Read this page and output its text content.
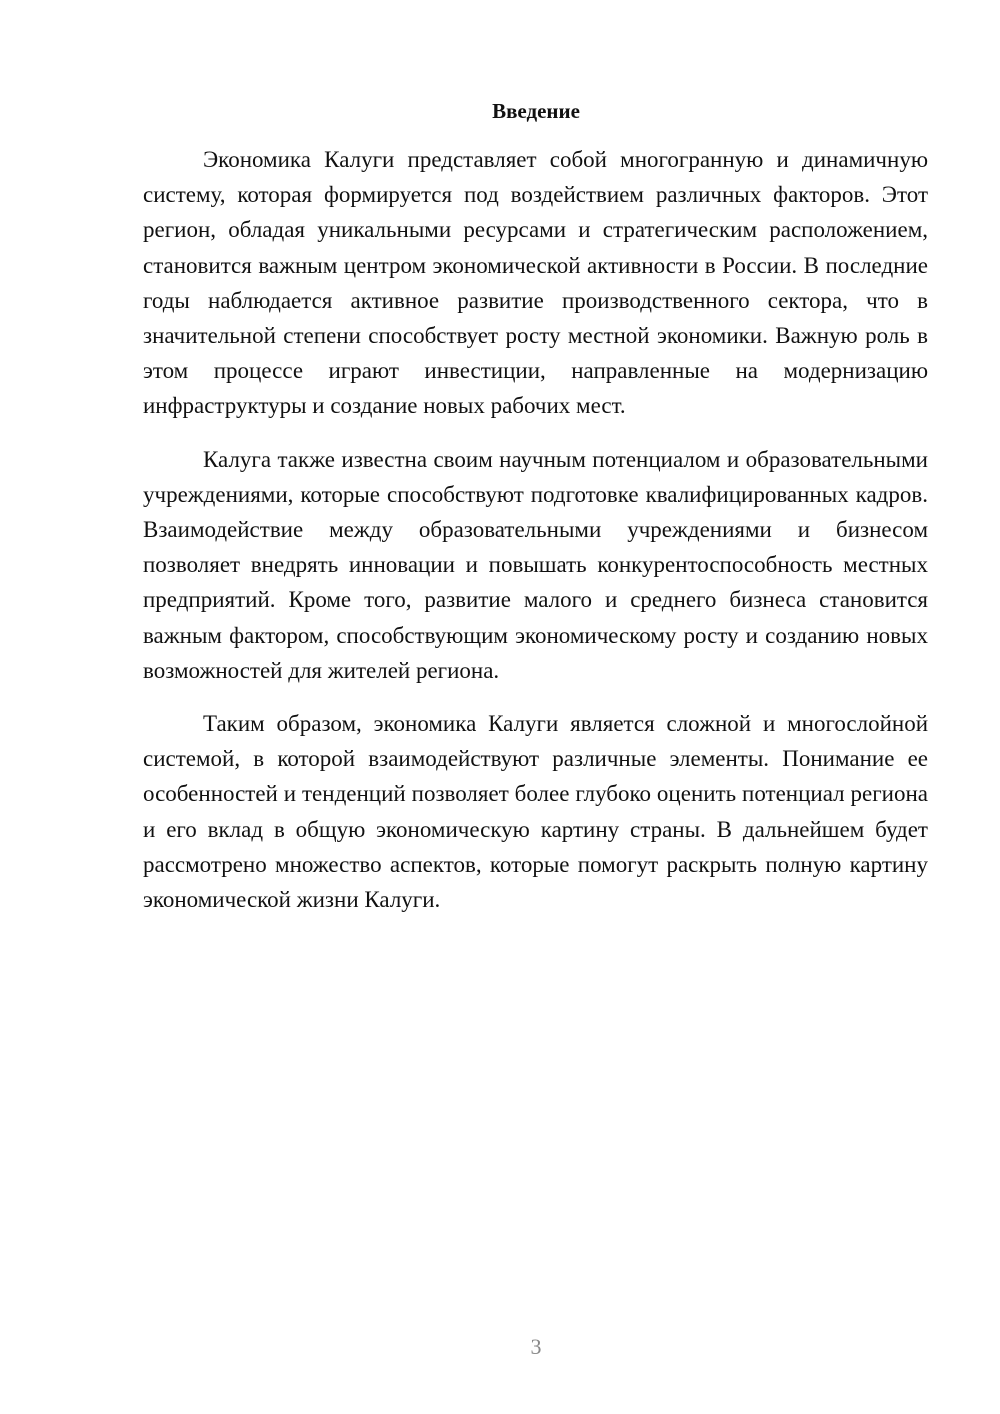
Введение

Экономика Калуги представляет собой многогранную и динамичную систему, которая формируется под воздействием различных факторов. Этот регион, обладая уникальными ресурсами и стратегическим расположением, становится важным центром экономической активности в России. В последние годы наблюдается активное развитие производственного сектора, что в значительной степени способствует росту местной экономики. Важную роль в этом процессе играют инвестиции, направленные на модернизацию инфраструктуры и создание новых рабочих мест.

Калуга также известна своим научным потенциалом и образовательными учреждениями, которые способствуют подготовке квалифицированных кадров. Взаимодействие между образовательными учреждениями и бизнесом позволяет внедрять инновации и повышать конкурентоспособность местных предприятий. Кроме того, развитие малого и среднего бизнеса становится важным фактором, способствующим экономическому росту и созданию новых возможностей для жителей региона.

Таким образом, экономика Калуги является сложной и многослойной системой, в которой взаимодействуют различные элементы. Понимание ее особенностей и тенденций позволяет более глубоко оценить потенциал региона и его вклад в общую экономическую картину страны. В дальнейшем будет рассмотрено множество аспектов, которые помогут раскрыть полную картину экономической жизни Калуги.

3
